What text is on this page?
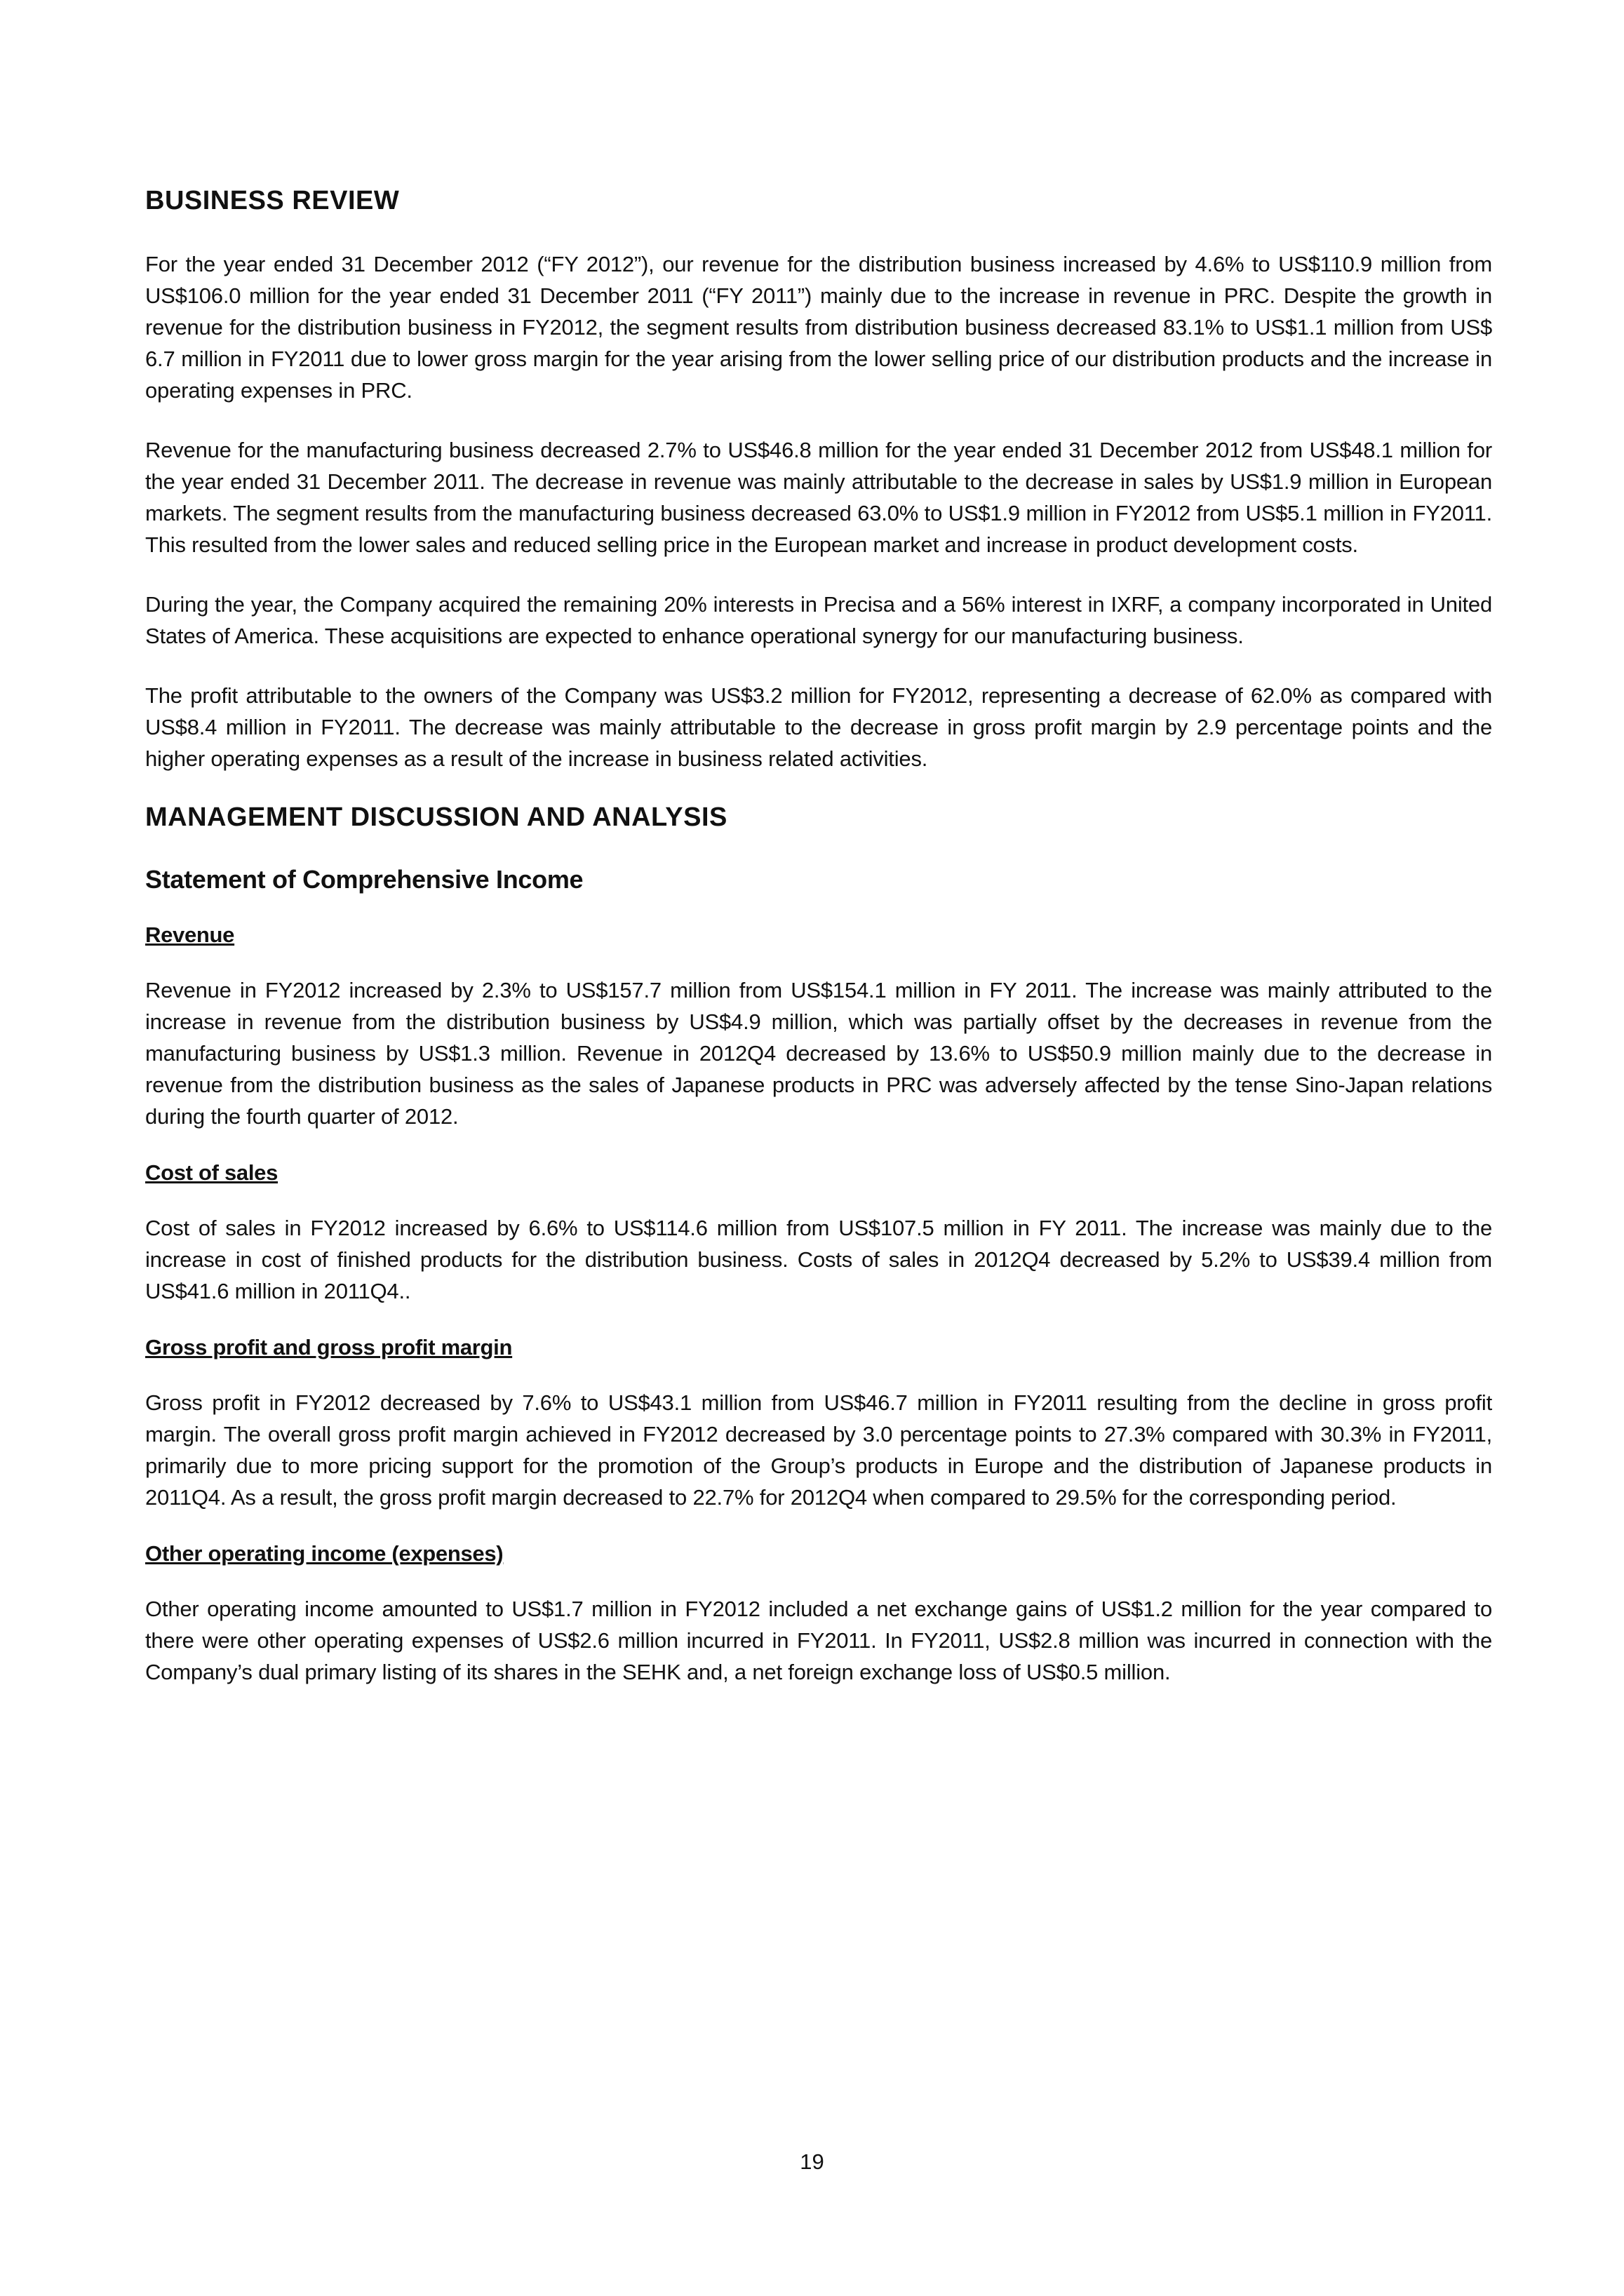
BUSINESS REVIEW

For the year ended 31 December 2012 (“FY 2012”), our revenue for the distribution business increased by 4.6% to US$110.9 million from US$106.0 million for the year ended 31 December 2011 (“FY 2011”) mainly due to the increase in revenue in PRC. Despite the growth in revenue for the distribution business in FY2012, the segment results from distribution business decreased 83.1% to US$1.1 million from US$ 6.7 million in FY2011 due to lower gross margin for the year arising from the lower selling price of our distribution products and the increase in operating expenses in PRC.

Revenue for the manufacturing business decreased 2.7% to US$46.8 million for the year ended 31 December 2012 from US$48.1 million for the year ended 31 December 2011. The decrease in revenue was mainly attributable to the decrease in sales by US$1.9 million in European markets. The segment results from the manufacturing business decreased 63.0% to US$1.9 million in FY2012 from US$5.1 million in FY2011. This resulted from the lower sales and reduced selling price in the European market and increase in product development costs.

During the year, the Company acquired the remaining 20% interests in Precisa and a 56% interest in IXRF, a company incorporated in United States of America. These acquisitions are expected to enhance operational synergy for our manufacturing business.

The profit attributable to the owners of the Company was US$3.2 million for FY2012, representing a decrease of 62.0% as compared with US$8.4 million in FY2011. The decrease was mainly attributable to the decrease in gross profit margin by 2.9 percentage points and the higher operating expenses as a result of the increase in business related activities.

MANAGEMENT DISCUSSION AND ANALYSIS
Statement of Comprehensive Income
Revenue

Revenue in FY2012 increased by 2.3% to US$157.7 million from US$154.1 million in FY 2011. The increase was mainly attributed to the increase in revenue from the distribution business by US$4.9 million, which was partially offset by the decreases in revenue from the manufacturing business by US$1.3 million. Revenue in 2012Q4 decreased by 13.6% to US$50.9 million mainly due to the decrease in revenue from the distribution business as the sales of Japanese products in PRC was adversely affected by the tense Sino-Japan relations during the fourth quarter of 2012.

Cost of sales

Cost of sales in FY2012 increased by 6.6% to US$114.6 million from US$107.5 million in FY 2011. The increase was mainly due to the increase in cost of finished products for the distribution business. Costs of sales in 2012Q4 decreased by 5.2% to US$39.4 million from US$41.6 million in 2011Q4..

Gross profit and gross profit margin

Gross profit in FY2012 decreased by 7.6% to US$43.1 million from US$46.7 million in FY2011 resulting from the decline in gross profit margin. The overall gross profit margin achieved in FY2012 decreased by 3.0 percentage points to 27.3% compared with 30.3% in FY2011, primarily due to more pricing support for the promotion of the Group’s products in Europe and the distribution of Japanese products in 2011Q4. As a result, the gross profit margin decreased to 22.7% for 2012Q4 when compared to 29.5% for the corresponding period.

Other operating income (expenses)

Other operating income amounted to US$1.7 million in FY2012 included a net exchange gains of US$1.2 million for the year compared to there were other operating expenses of US$2.6 million incurred in FY2011. In FY2011, US$2.8 million was incurred in connection with the Company’s dual primary listing of its shares in the SEHK and, a net foreign exchange loss of US$0.5 million.

19
